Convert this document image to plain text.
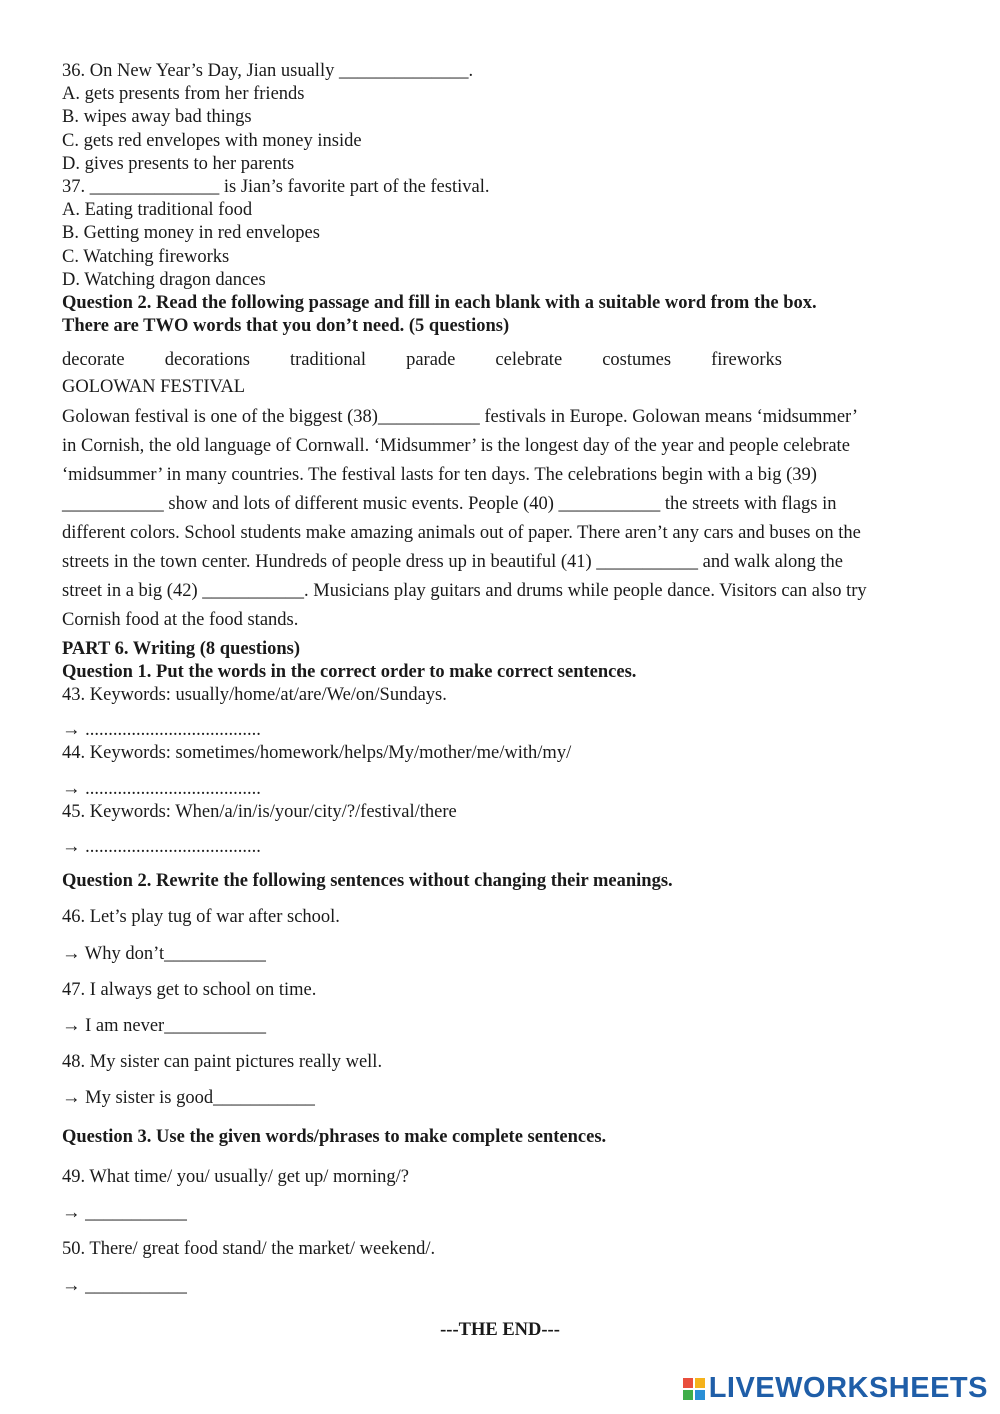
36. On New Year’s Day, Jian usually ______________.
A. gets presents from her friends
B. wipes away bad things
C. gets red envelopes with money inside
D. gives presents to her parents
37. ______________ is Jian’s favorite part of the festival.
A. Eating traditional food
B. Getting money in red envelopes
C. Watching fireworks
D. Watching dragon dances
Question 2. Read the following passage and fill in each blank with a suitable word from the box.
There are TWO words that you don’t need. (5 questions)
decorate decorations traditional parade celebrate costumes fireworks
GOLOWAN FESTIVAL
Golowan festival is one of the biggest (38)___________ festivals in Europe. Golowan means ‘midsummer’
in Cornish, the old language of Cornwall. ‘Midsummer’ is the longest day of the year and people celebrate
‘midsummer’ in many countries. The festival lasts for ten days. The celebrations begin with a big (39)
___________ show and lots of different music events. People (40) ___________ the streets with flags in
different colors. School students make amazing animals out of paper. There aren’t any cars and buses on the
streets in the town center. Hundreds of people dress up in beautiful (41) ___________ and walk along the
street in a big (42) ___________. Musicians play guitars and drums while people dance. Visitors can also try
Cornish food at the food stands.
PART 6. Writing (8 questions)
Question 1. Put the words in the correct order to make correct sentences.
43. Keywords: usually/home/at/are/We/on/Sundays.
→ ......................................
44. Keywords: sometimes/homework/helps/My/mother/me/with/my/
→ ......................................
45. Keywords: When/a/in/is/your/city/?/festival/there
→ ......................................
Question 2. Rewrite the following sentences without changing their meanings.
46. Let’s play tug of war after school.
→ Why don’t___________
47. I always get to school on time.
→ I am never___________
48. My sister can paint pictures really well.
→ My sister is good___________
Question 3. Use the given words/phrases to make complete sentences.
49. What time/ you/ usually/ get up/ morning/?
→ ___________
50. There/ great food stand/ the market/ weekend/.
→ ___________
---THE END---
LIVEWORKSHEETS
